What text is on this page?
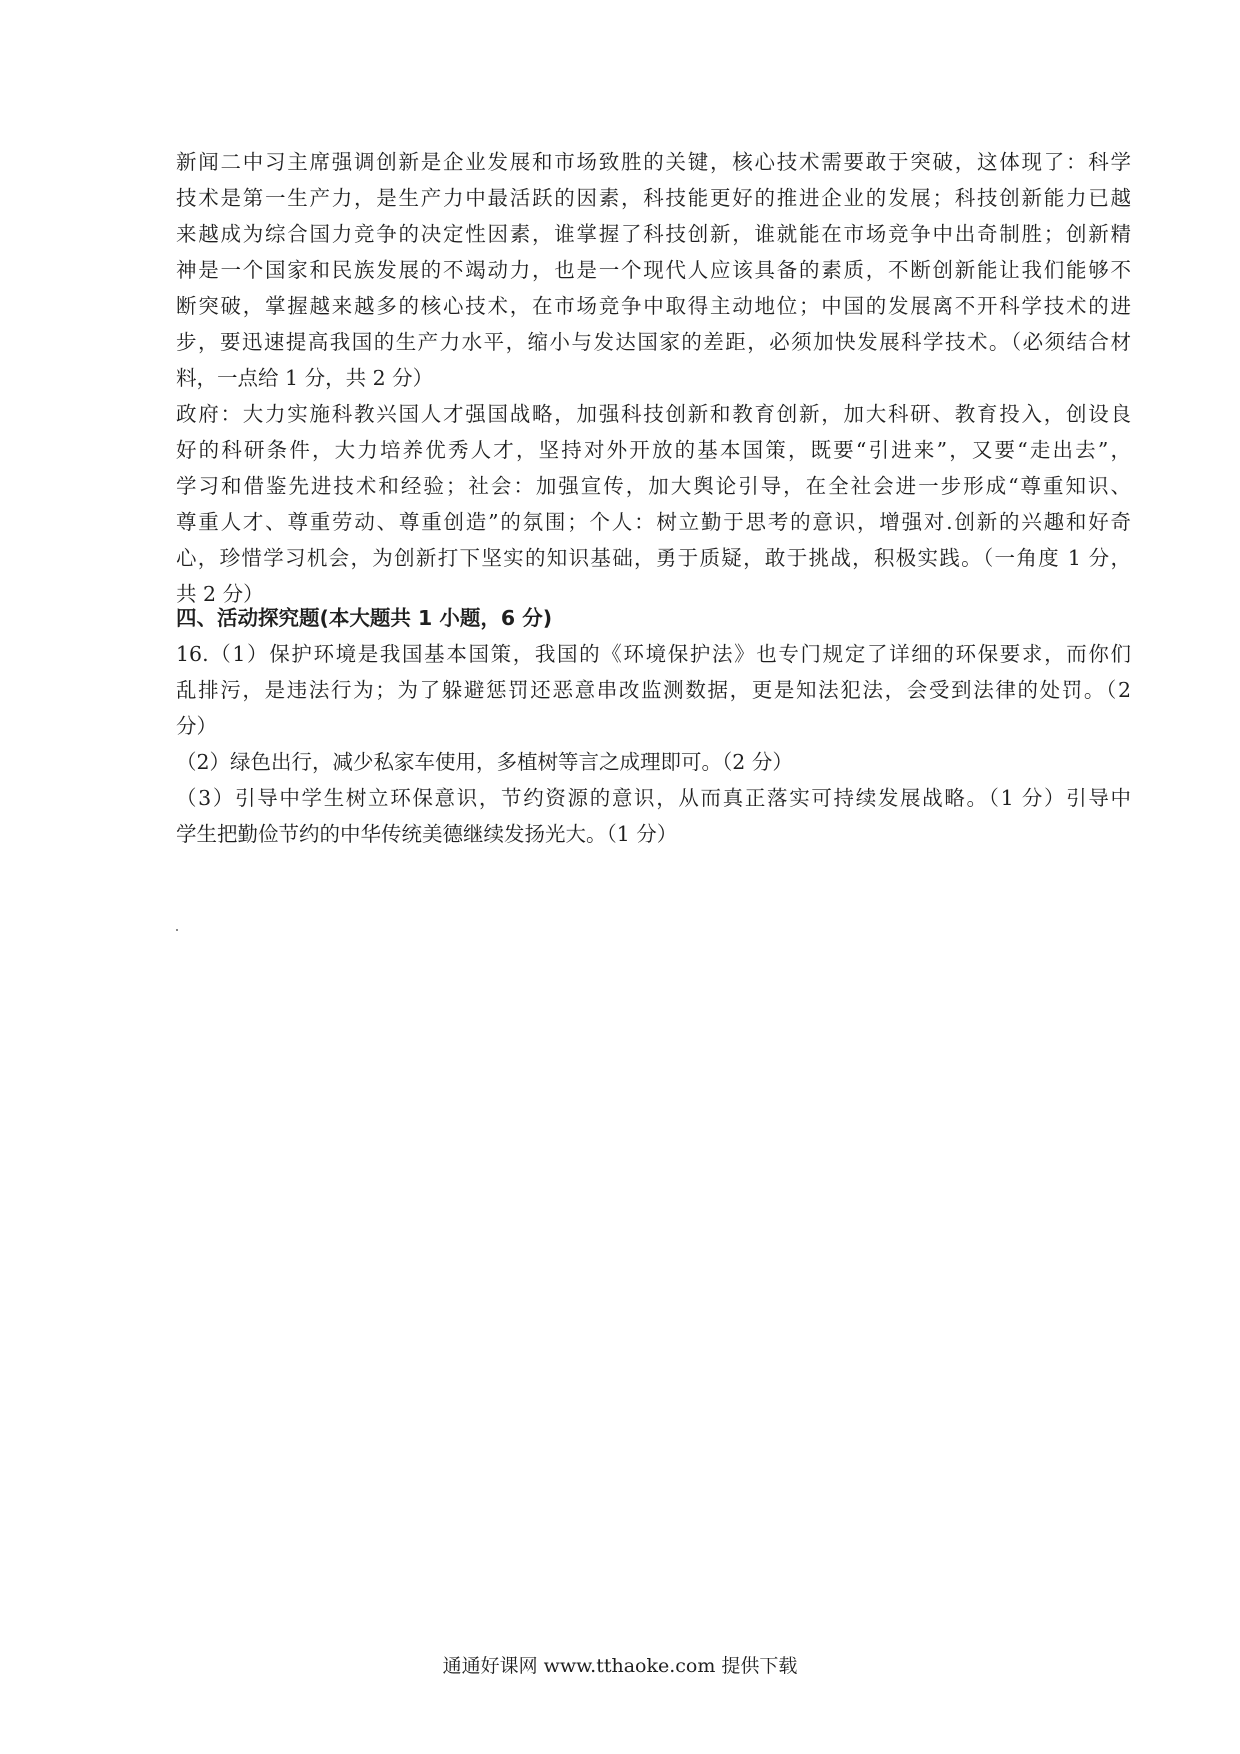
新闻二中习主席强调创新是企业发展和市场致胜的关键，核心技术需要敢于突破，这体现了：科学
技术是第一生产力，是生产力中最活跃的因素，科技能更好的推进企业的发展；科技创新能力已越
来越成为综合国力竞争的决定性因素，谁掌握了科技创新，谁就能在市场竞争中出奇制胜；创新精
神是一个国家和民族发展的不竭动力，也是一个现代人应该具备的素质，不断创新能让我们能够不
断突破，掌握越来越多的核心技术，在市场竞争中取得主动地位；中国的发展离不开科学技术的进
步，要迅速提高我国的生产力水平，缩小与发达国家的差距，必须加快发展科学技术。（必须结合材
料，一点给 1 分，共 2 分）
政府：大力实施科教兴国人才强国战略，加强科技创新和教育创新，加大科研、教育投入，创设良
好的科研条件，大力培养优秀人才，坚持对外开放的基本国策，既要“引进来”，又要“走出去”，
学习和借鉴先进技术和经验；社会：加强宣传，加大舆论引导，在全社会进一步形成“尊重知识、
尊重人才、尊重劳动、尊重创造”的氛围；个人：树立勤于思考的意识，增强对.创新的兴趣和好奇
心，珍惜学习机会，为创新打下坚实的知识基础，勇于质疑，敢于挑战，积极实践。（一角度 1 分，
共 2 分）
四、活动探究题(本大题共 1 小题，6 分)
16.（1）保护环境是我国基本国策，我国的《环境保护法》也专门规定了详细的环保要求，而你们
乱排污，是违法行为；为了躲避惩罚还恶意串改监测数据，更是知法犯法，会受到法律的处罚。（2
分）
（2）绿色出行，减少私家车使用，多植树等言之成理即可。（2 分）
（3）引导中学生树立环保意识，节约资源的意识，从而真正落实可持续发展战略。（1 分）引导中
学生把勤俭节约的中华传统美德继续发扬光大。（1 分）
通通好课网 www.tthaoke.com 提供下载
